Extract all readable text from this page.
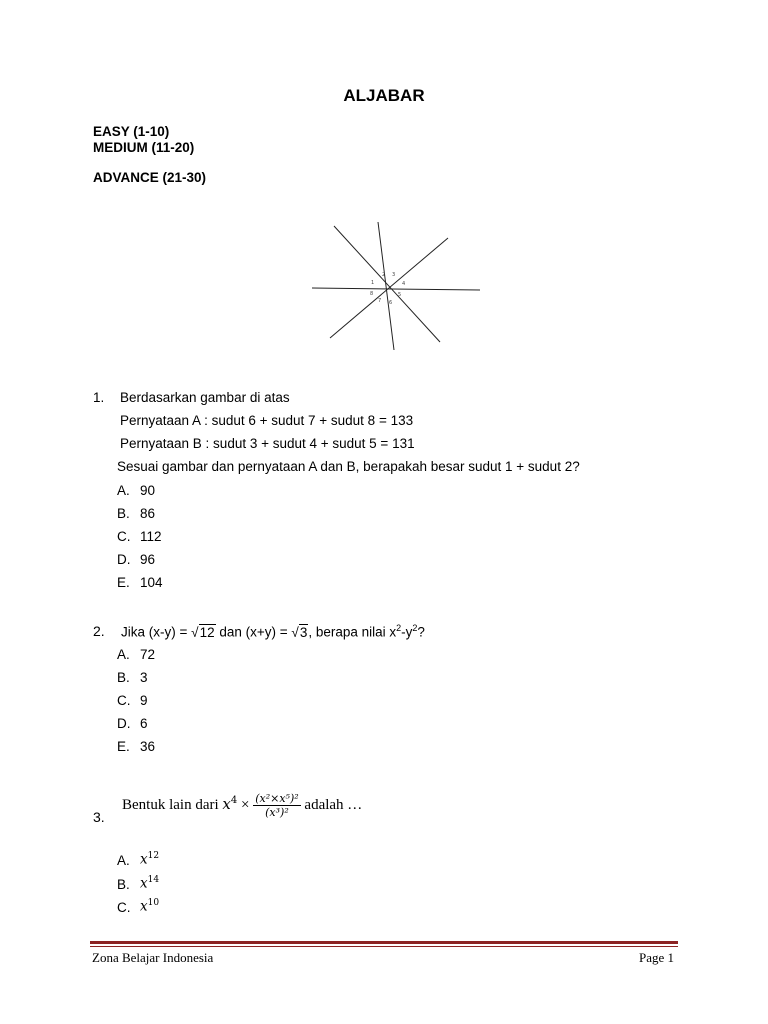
ALJABAR
EASY (1-10)
MEDIUM (11-20)
ADVANCE (21-30)
1
2 3
4
5
6
7
8
1. Berdasarkan gambar di atas
Pernyataan A : sudut 6 + sudut 7 + sudut 8 = 133
Pernyataan B : sudut 3 + sudut 4 + sudut 5 = 131
Sesuai gambar dan pernyataan A dan B, berapakah besar sudut 1 + sudut 2?
A. 90
B. 86
C. 112
D. 96
E. 104
2. Jika (x-y) = √12 dan (x+y) = √3, berapa nilai $x^2-y^2$?
A. 72
B. 3
C. 9
D. 6
E. 36
Bentuk lain dari $x^4 \times \frac{\text{(x²×x⁵)²}}{\text{(x³)²}}$ adalah …
3.
A. $x^{12}$
B. $x^{14}$
C. $x^{10}$
Zona Belajar Indonesia	Page 1
